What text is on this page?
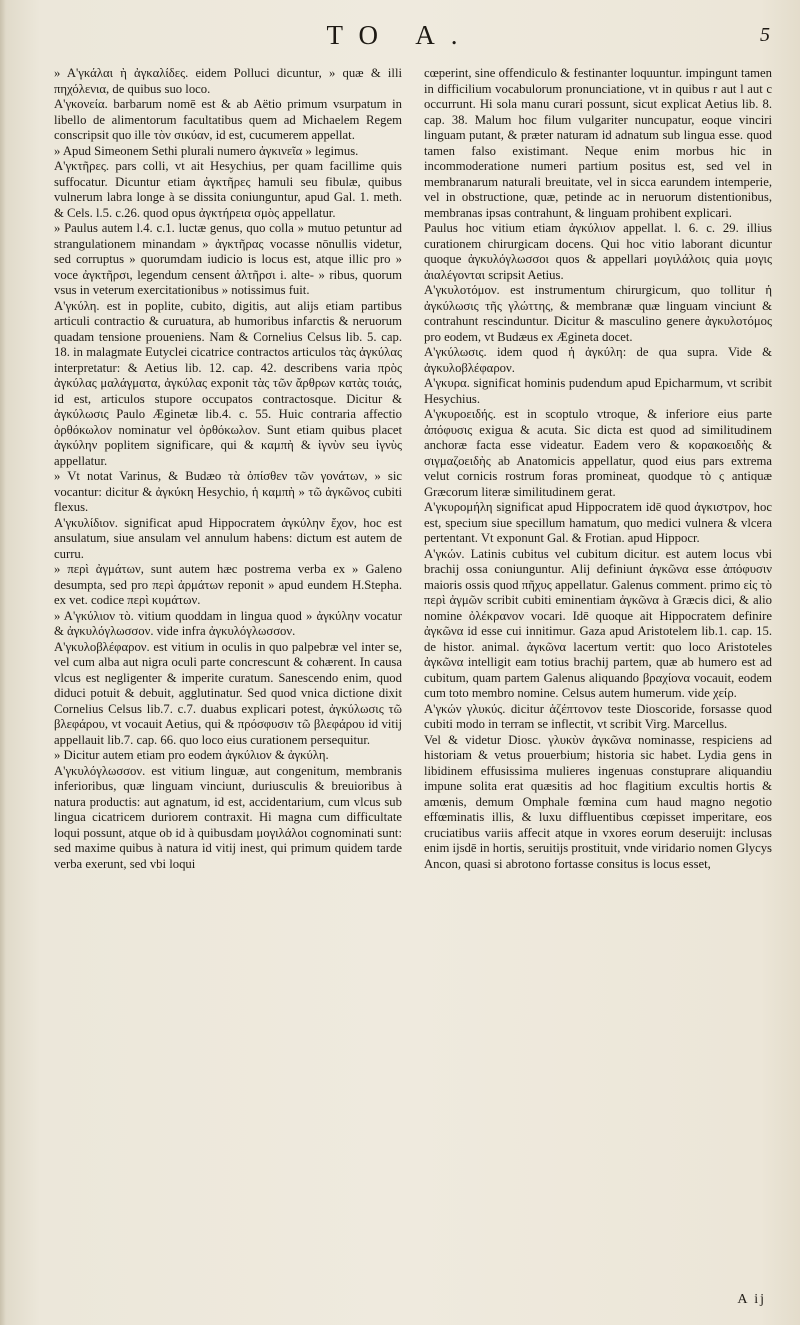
TO A.	5

» A'γκάλαι ὴ ἀγκαλίδες. eidem Polluci dicuntur, » quæ & illi πηχόλενια, de quibus suo loco.

A'γκονεία. barbarum nomē est & ab Aëtio primum vsurpatum in libello de alimentorum facultatibus quem ad Michaelem Regem conscripsit quo ille τὸν σικύαν, id est, cucumerem appellat.

» Apud Simeonem Sethi plurali numero ἀγκινεῖα » legimus.

A'γκτῆρες. pars colli, vt ait Hesychius, per quam facillime quis suffocatur. Dicuntur etiam ἀγκτῆρες hamuli seu fibulæ, quibus vulnerum labra longe à se dissita coniunguntur, apud Gal. 1. meth. & Cels. l.5. c.26. quod opus ἀγκτήρεια σμὸς appellatur.

» Paulus autem l.4. c.1. luctæ genus, quo colla » mutuo petuntur ad strangulationem minandam » ἀγκτῆρας vocasse nōnullis videtur, sed corruptus » quorumdam iudicio is locus est, atque illic pro » voce ἀγκτῆρσι, legendum censent ἀλτῆρσι i. alte- » ribus, quorum vsus in veterum exercitationibus » notissimus fuit.

A'γκύλη. est in poplite, cubito, digitis, aut alijs etiam partibus articuli contractio & curuatura, ab humoribus infarctis & neruorum quadam tensione proueniens. Nam & Cornelius Celsus lib. 5. cap. 18. in malagmate Eutyclei cicatrice contractos articulos τὰς ἀγκύλας interpretatur: & Aetius lib. 12. cap. 42. describens varia πρὸς ἀγκύλας μαλάγματα, ἀγκύλας exponit τὰς τῶν ἄρθρων κατὰς τοιάς, id est, articulos stupore occupatos contractosque. Dicitur & ἀγκύλωσις Paulo Æginetæ lib.4. c. 55. Huic contraria affectio ὀρθόκωλον nominatur vel ὀρθόκωλον. Sunt etiam quibus placet ἀγκύλην poplitem significare, qui & καμπὴ & ἰγνὺν seu ἰγνὺς appellatur.

» Vt notat Varinus, & Budæo τὰ ὀπίσθεν τῶν γονάτων, » sic vocantur: dicitur & ἀγκύκη Hesychio, ἡ καμπὴ » τῶ ἀγκῶνος cubiti flexus.

A'γκυλίδιον. significat apud Hippocratem ἀγκύλην ἔχον, hoc est ansulatum, siue ansulam vel annulum habens: dictum est autem de curru.

» περὶ ἀγμάτων, sunt autem hæc postrema verba ex » Galeno desumpta, sed pro περὶ ἀρμάτων reponit » apud eundem H.Stepha. ex vet. codice περὶ κυμάτων.

» A'γκύλιον τὸ. vitium quoddam in lingua quod » ἀγκύλην vocatur & ἀγκυλόγλωσσον. vide infra ἀγκυλόγλωσσον.

A'γκυλοβλέφαρον. est vitium in oculis in quo palpebræ vel inter se, vel cum alba aut nigra oculi parte concrescunt & cohærent. In causa vlcus est negligenter & imperite curatum. Sanescendo enim, quod diduci potuit & debuit, agglutinatur. Sed quod vnica dictione dixit Cornelius Celsus lib.7. c.7. duabus explicari potest, ἀγκύλωσις τῶ βλεφάρου, vt vocauit Aetius, qui & πρόσφυσιν τῶ βλεφάρου id vitij appellauit lib.7. cap. 66. quo loco eius curationem persequitur.

» Dicitur autem etiam pro eodem ἀγκύλιον & ἀγκύλη.

A'γκυλόγλωσσον. est vitium linguæ, aut congenitum, membranis inferioribus, quæ linguam vinciunt, duriusculis & breuioribus à natura productis: aut agnatum, id est, accidentarium, cum vlcus sub lingua cicatricem duriorem contraxit. Hi magna cum difficultate loqui possunt, atque ob id à quibusdam μογιλάλοι cognominati sunt: sed maxime quibus à natura id vitij inest, qui primum quidem tarde verba exerunt, sed vbi loqui

cœperint, sine offendiculo & festinanter loquuntur. impingunt tamen in difficilium vocabulorum pronunciatione, vt in quibus r aut l aut c occurrunt. Hi sola manu curari possunt, sicut explicat Aetius lib. 8. cap. 38. Malum hoc filum vulgariter nuncupatur, eoque vinciri linguam putant, & præter naturam id adnatum sub lingua esse. quod tamen falso existimant. Neque enim morbus hic in incommoderatione numeri partium positus est, sed vel in membranarum naturali breuitate, vel in sicca earundem intemperie, vel in obstructione, quæ, petinde ac in neruorum distentionibus, membranas ipsas contrahunt, & linguam prohibent explicari.

Paulus hoc vitium etiam ἀγκύλιον appellat. l. 6. c. 29. illius curationem chirurgicam docens. Qui hoc vitio laborant dicuntur quoque ἀγκυλόγλωσσοι quos & appellari μογιλάλοις quia μογις ἀιαλέγονται scripsit Aetius.

A'γκυλοτόμον. est instrumentum chirurgicum, quo tollitur ἡ ἀγκύλωσις τῆς γλώττης, & membranæ quæ linguam vinciunt & contrahunt rescinduntur. Dicitur & masculino genere ἀγκυλοτόμος pro eodem, vt Budæus ex Ægineta docet.

A'γκύλωσις. idem quod ἡ ἀγκύλη: de qua supra. Vide & ἀγκυλοβλέφαρον.

A'γκυρα. significat hominis pudendum apud Epicharmum, vt scribit Hesychius.

A'γκυροειδής. est in scoptulo vtroque, & inferiore eius parte ἀπόφυσις exigua & acuta. Sic dicta est quod ad similitudinem anchoræ facta esse videatur. Eadem vero & κορακοειδὴς & σιγμαζοειδὴς ab Anatomicis appellatur, quod eius pars extrema velut cornicis rostrum foras promineat, quodque τὸ ς antiquæ Græcorum literæ similitudinem gerat.

A'γκυρομήλη significat apud Hippocratem idē quod ἀγκιστρον, hoc est, specium siue specillum hamatum, quo medici vulnera & vlcera pertentant. Vt exponunt Gal. & Frotian. apud Hippocr.

A'γκών. Latinis cubitus vel cubitum dicitur. est autem locus vbi brachij ossa coniunguntur. Alij definiunt ἀγκῶνα esse ἀπόφυσιν maioris ossis quod πῆχυς appellatur. Galenus comment. primo εἰς τὸ περὶ ἀγμῶν scribit cubiti eminentiam ἀγκῶνα à Græcis dici, & alio nomine ὀλέκρανον vocari. Idē quoque ait Hippocratem definire ἀγκῶνα id esse cui innitimur. Gaza apud Aristotelem lib.1. cap. 15. de histor. animal. ἀγκῶνα lacertum vertit: quo loco Aristoteles ἀγκῶνα intelligit eam totius brachij partem, quæ ab humero est ad cubitum, quam partem Galenus aliquando βραχίονα vocauit, eodem cum toto membro nomine. Celsus autem humerum. vide χείρ.

A'γκών γλυκύς. dicitur ἀζέπτονον teste Dioscoride, forsasse quod cubiti modo in terram se inflectit, vt scribit Virg. Marcellus.

Vel & videtur Diosc. γλυκὺν ἀγκῶνα nominasse, respiciens ad historiam & vetus prouerbium; historia sic habet. Lydia gens in libidinem effusissima mulieres ingenuas constuprare aliquandiu impune solita erat quæsitis ad hoc flagitium excultis hortis & amœnis, demum Omphale fœmina cum haud magno negotio effœminatis illis, & luxu diffluentibus cœpisset imperitare, eos cruciatibus variis affecit atque in vxores eorum deseruijt: inclusas enim ijsdē in hortis, seruitijs prostituit, vnde viridario nomen Glycys Ancon, quasi si abrotono fortasse consitus is locus esset,

A ij
